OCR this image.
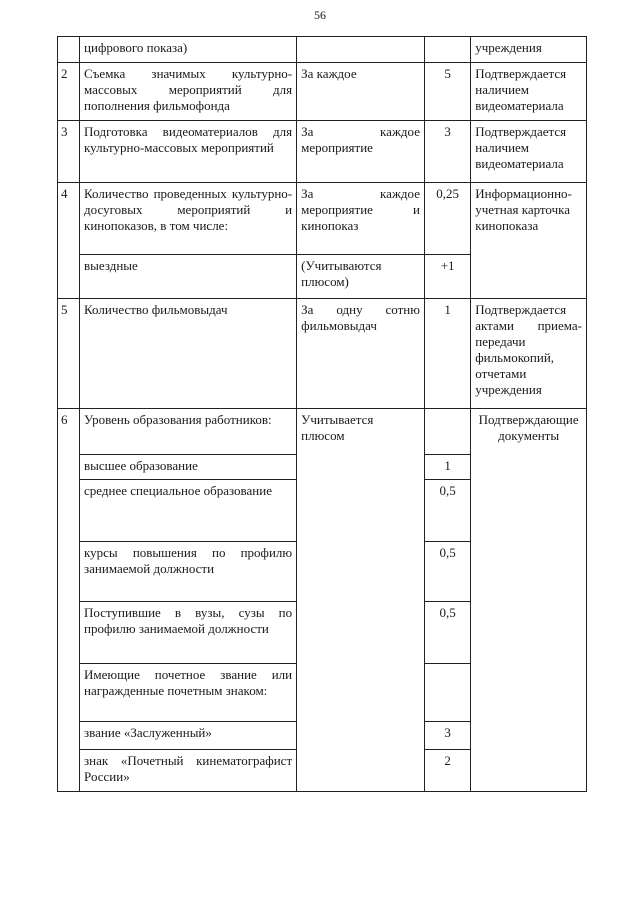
56
	цифрового показа)			учреждения
2	Съемка значимых культурно-массовых мероприятий для пополнения фильмофонда	За каждое	5	Подтверждается наличием видеоматериала
3	Подготовка видеоматериалов для культурно-массовых мероприятий	За каждое мероприятие	3	Подтверждается наличием видеоматериала
4	Количество проведенных культурно-досуговых мероприятий и кинопоказов, в том числе:	За каждое мероприятие и кинопоказ	0,25	Информационно-учетная карточка кинопоказа
	выездные	(Учитываются плюсом)	+1	
5	Количество фильмовыдач	За одну сотню фильмовыдач	1	Подтверждается актами приема-передачи фильмокопий, отчетами учреждения
6	Уровень образования работников:	Учитывается плюсом		Подтверждающие документы
	высшее образование		1	
	среднее специальное образование		0,5	
	курсы повышения по профилю занимаемой должности		0,5	
	Поступившие в вузы, сузы по профилю занимаемой должности		0,5	
	Имеющие почетное звание или награжденные почетным знаком:			
	звание «Заслуженный»		3	
	знак «Почетный кинематографист России»		2	
